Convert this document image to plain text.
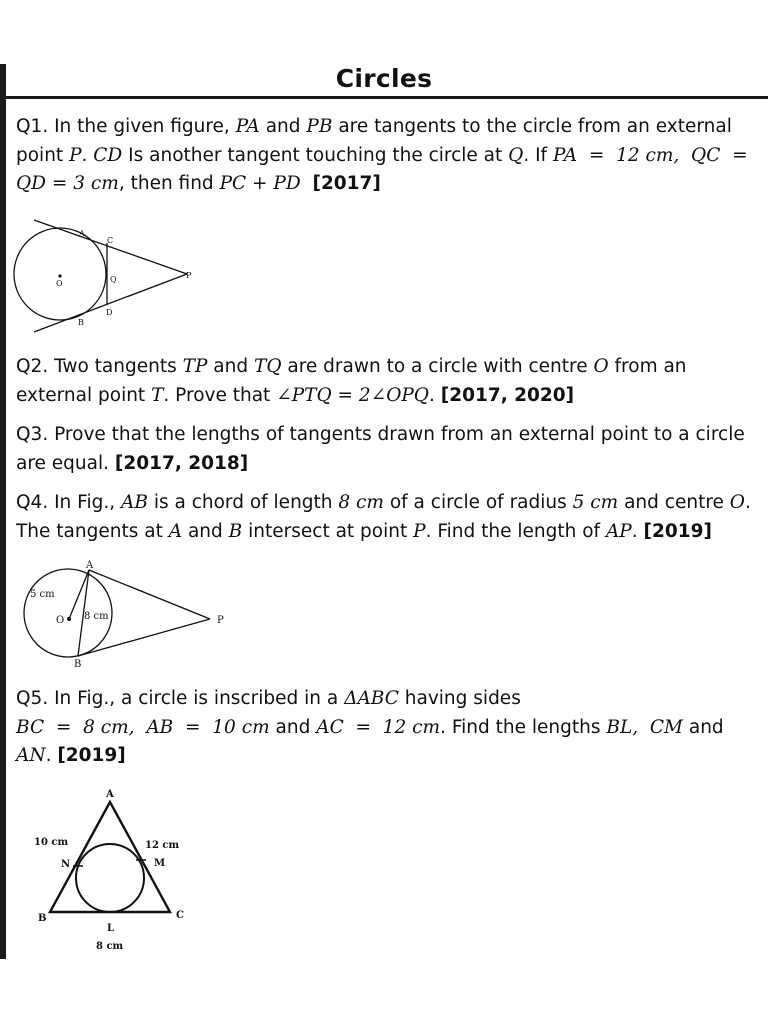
Circles
Q1. In the given figure, PA and PB are tangents to the circle from an external point P. CD Is another tangent touching the circle at Q. If PA  =  12 cm,  QC  =
QD = 3 cm, then find PC + PD [2017]
A
C
Q	P
O
B
D
Q2. Two tangents TP and TQ are drawn to a circle with centre O from an external point T. Prove that ∠PTQ = 2∠OPQ. [2017, 2020]
Q3. Prove that the lengths of tangents drawn from an external point to a circle are equal. [2017, 2018]
Q4. In Fig., AB is a chord of length 8 cm of a circle of radius 5 cm and centre O. The tangents at A and B intersect at point P. Find the length of AP. [2019]
A
5 cm
O 8 cm	P
B
Q5. In Fig., a circle is inscribed in a ΔABC having sides
BC  =  8 cm,  AB  =  10 cm and AC  =  12 cm. Find the lengths BL,  CM and
AN. [2019]
A
10 cm	12 cm
N	M
B	C
L
8 cm
